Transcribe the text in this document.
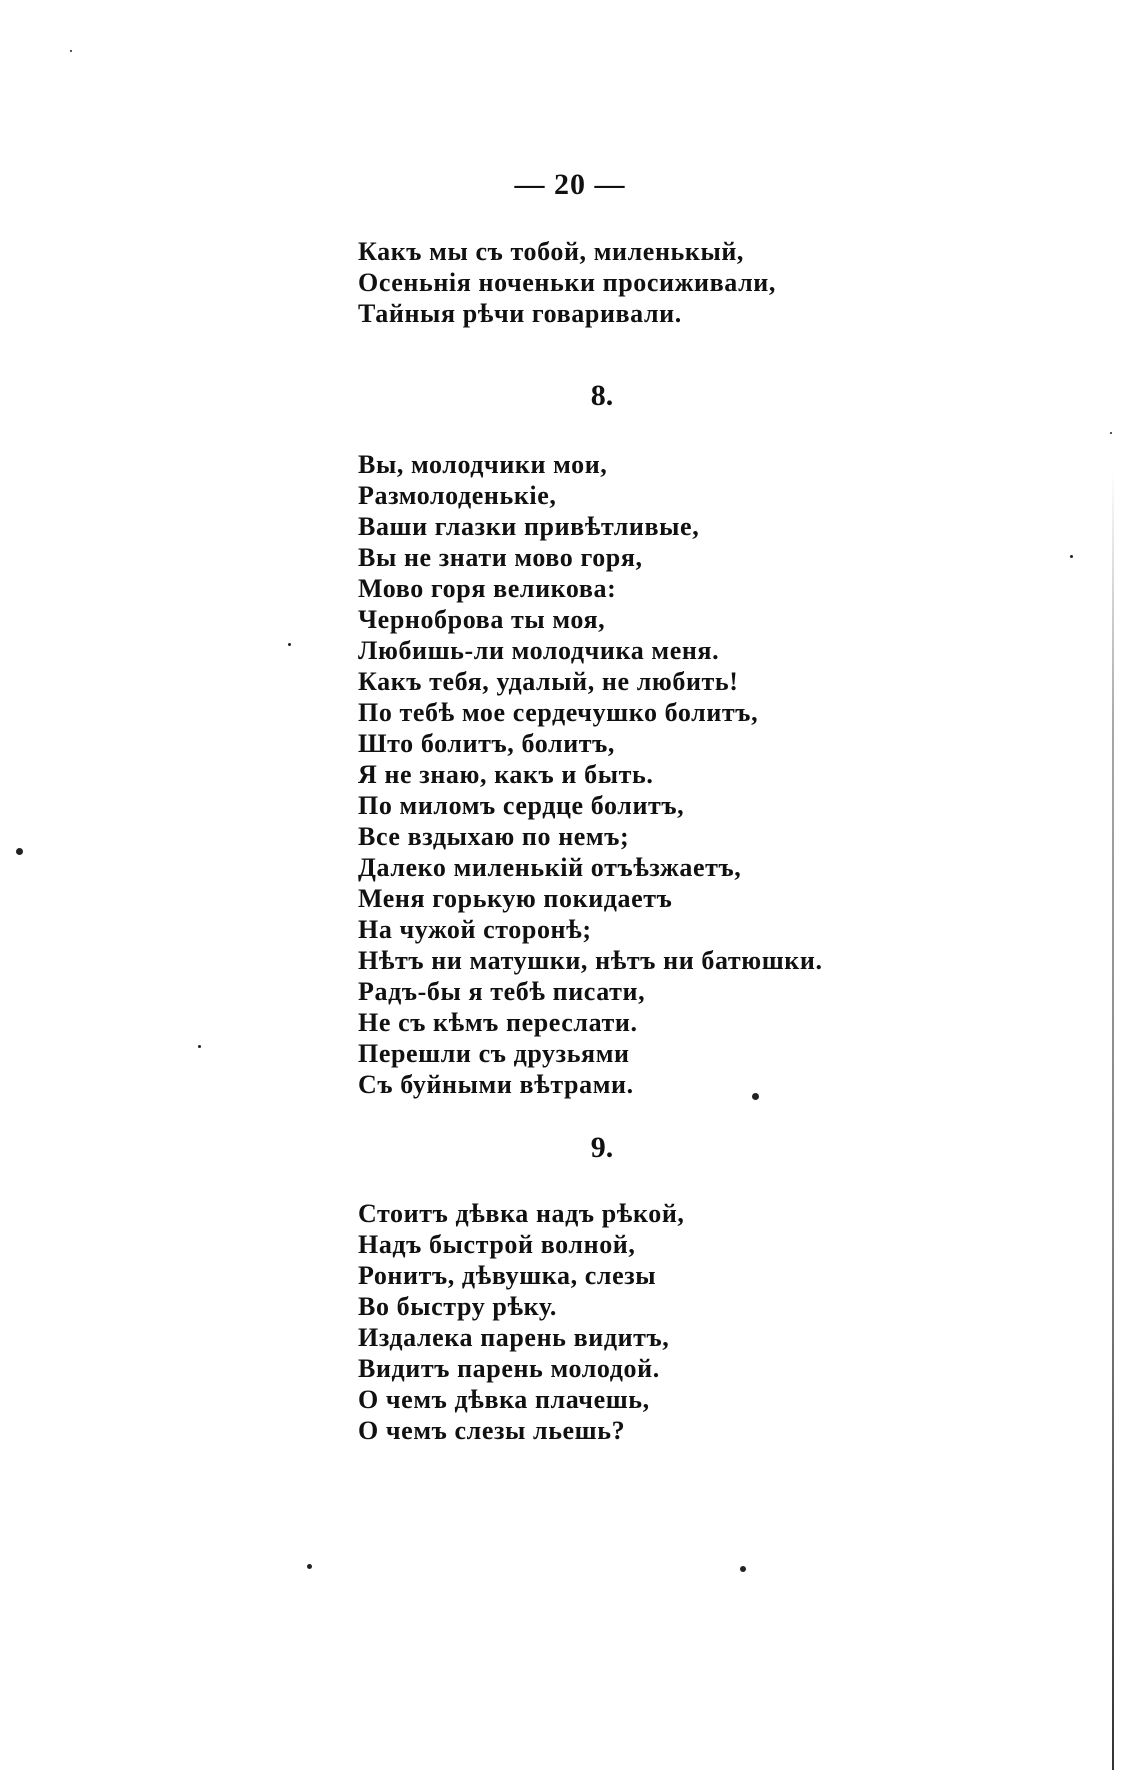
— 20 —
Какъ мы съ тобой, миленькый,
Осеньнія ноченьки просиживали,
Тайныя рѣчи говаривали.
8.
Вы, молодчики мои,
Размолоденькіе,
Ваши глазки привѣтливые,
Вы не знати мово горя,
Мово горя великова:
Черноброва ты моя,
Любишь-ли молодчика меня.
Какъ тебя, удалый, не любить!
По тебѣ мое сердечушко болитъ,
Што болитъ, болитъ,
Я не знаю, какъ и быть.
По миломъ сердце болитъ,
Все вздыхаю по немъ;
Далеко миленькій отъѣзжаетъ,
Меня горькую покидаетъ
На чужой сторонѣ;
Нѣтъ ни матушки, нѣтъ ни батюшки.
Радъ-бы я тебѣ писати,
Не съ кѣмъ переслати.
Перешли съ друзьями
Съ буйными вѣтрами.
9.
Стоитъ дѣвка надъ рѣкой,
Надъ быстрой волной,
Ронитъ, дѣвушка, слезы
Во быстру рѣку.
Издалека парень видитъ,
Видитъ парень молодой.
О чемъ дѣвка плачешь,
О чемъ слезы льешь?
